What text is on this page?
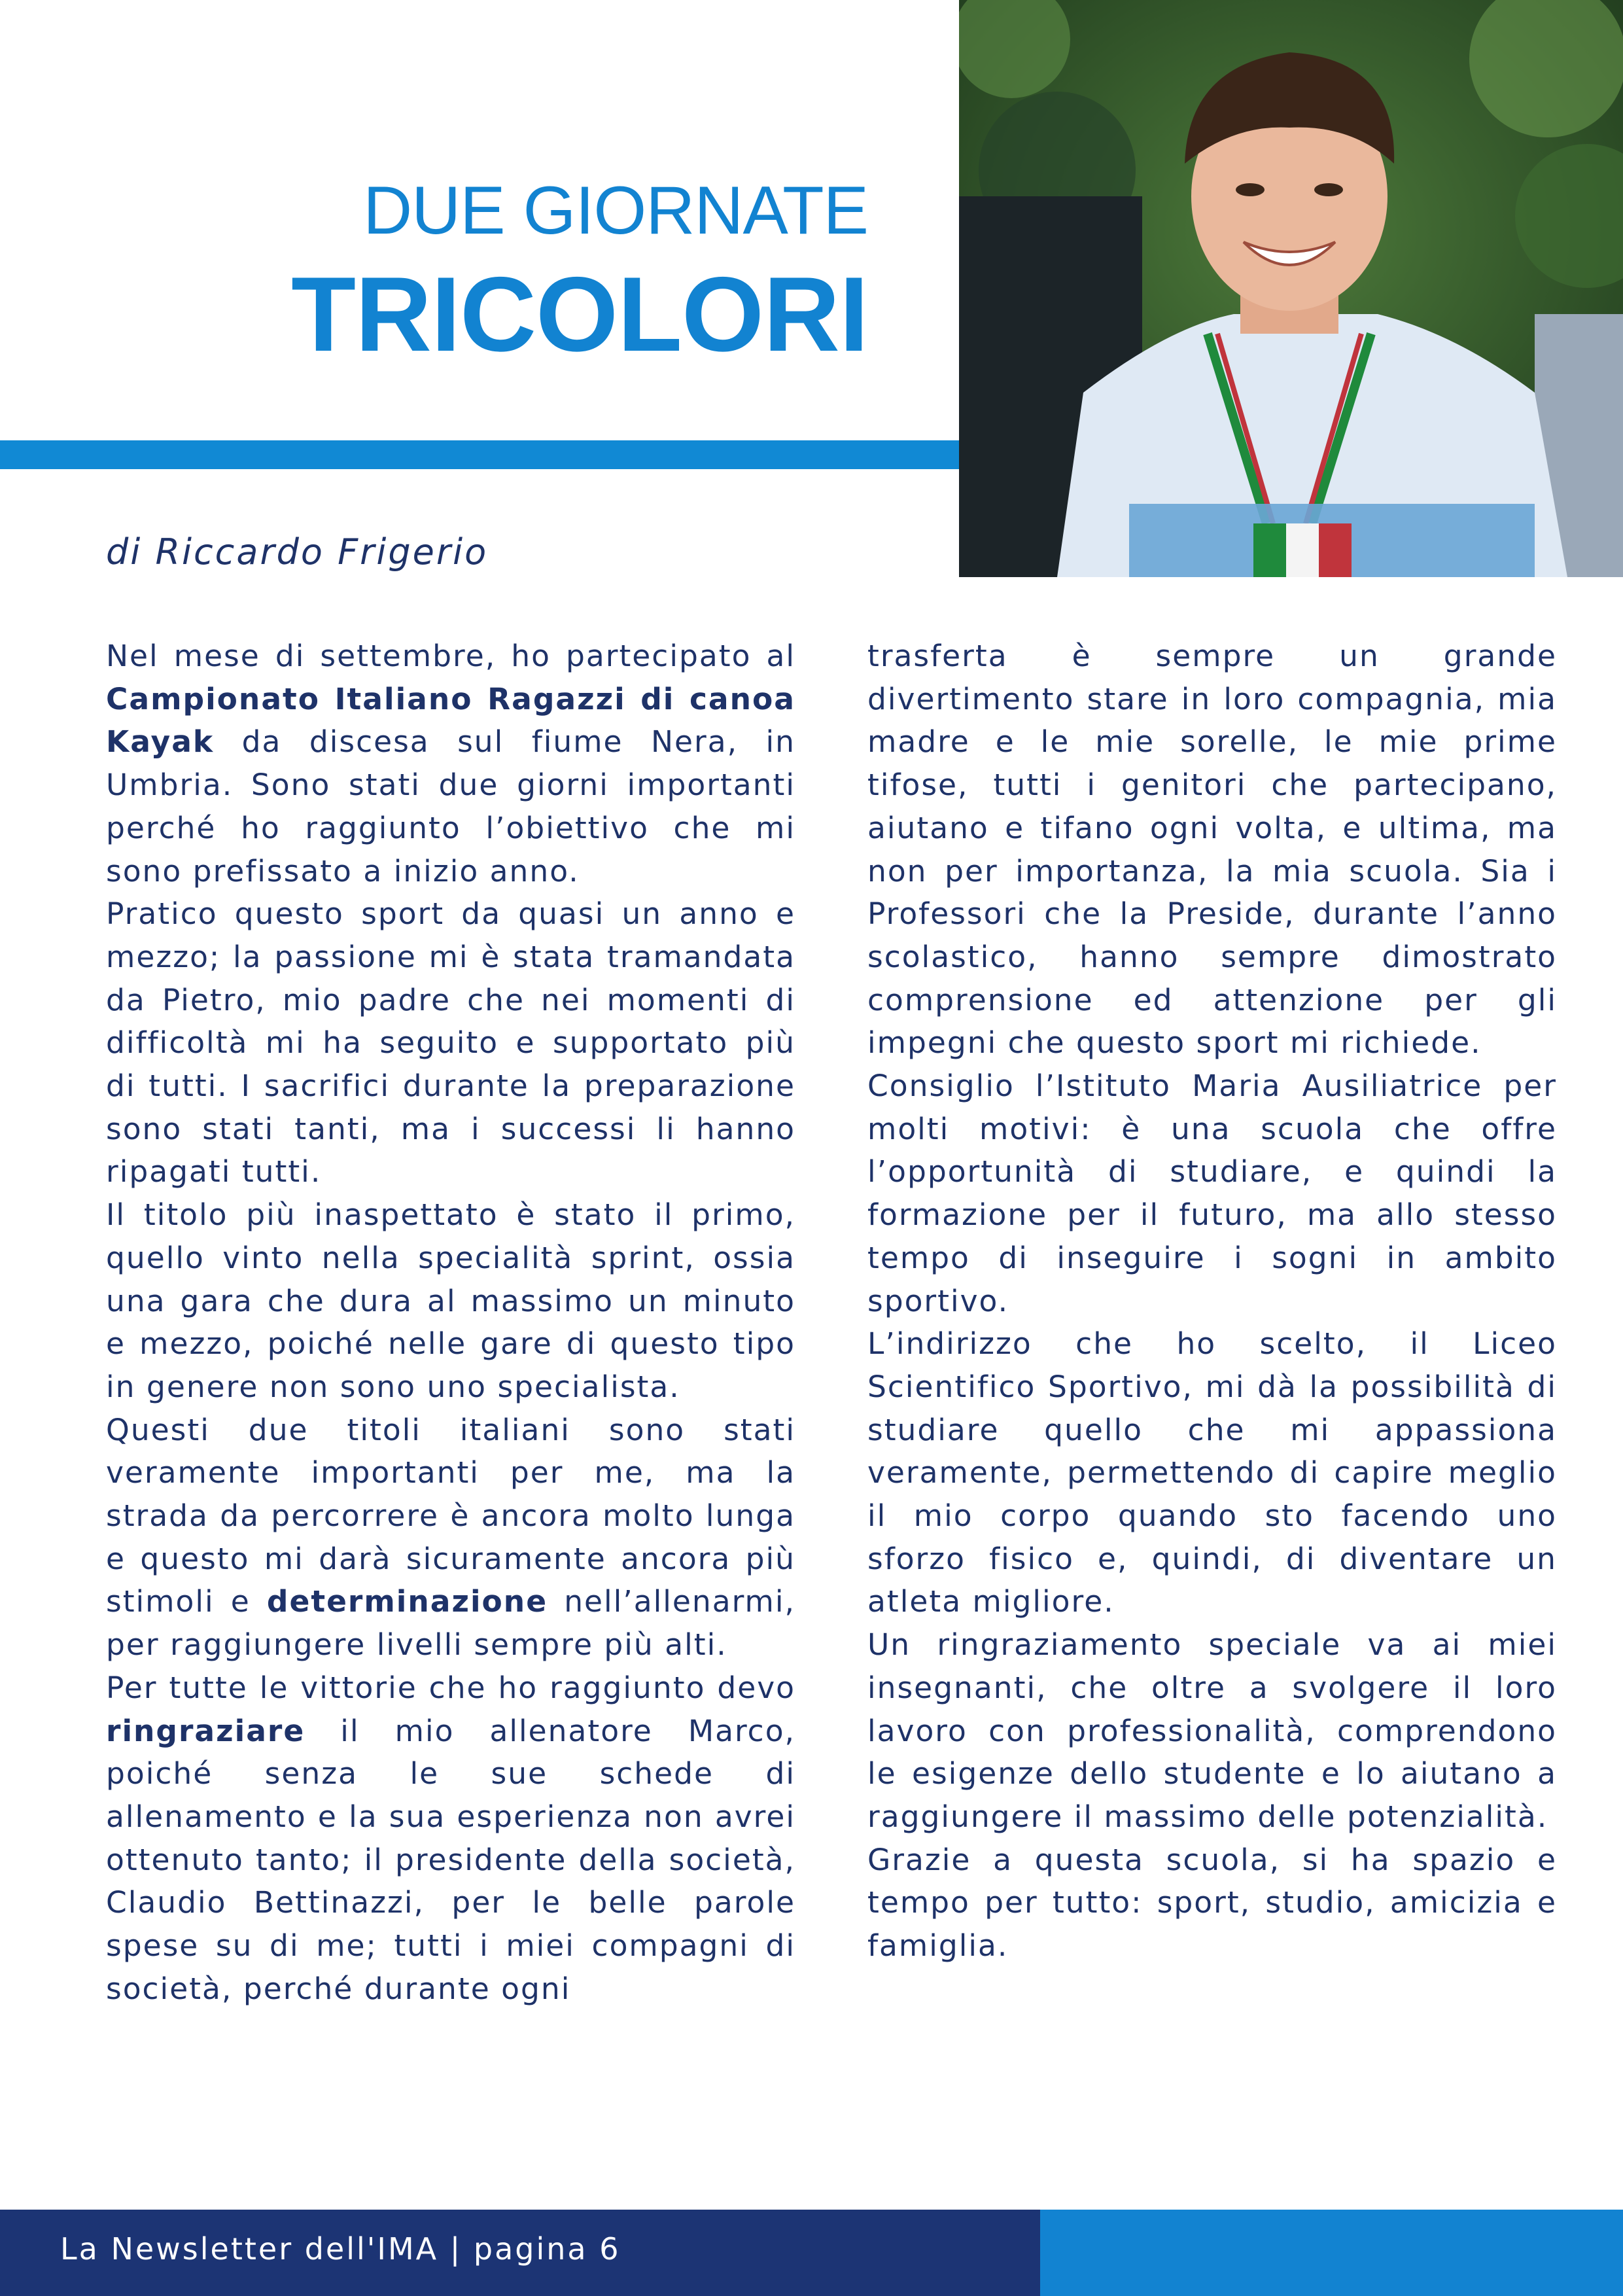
DUE GIORNATE
TRICOLORI
di Riccardo Frigerio

Nel mese di settembre, ho partecipato al Campionato Italiano Ragazzi di canoa Kayak da discesa sul fiume Nera, in Umbria. Sono stati due giorni importanti perché ho raggiunto l’obiettivo che mi sono prefissato a inizio anno.

Pratico questo sport da quasi un anno e mezzo; la passione mi è stata tramandata da Pietro, mio padre che nei momenti di difficoltà mi ha seguito e supportato più di tutti. I sacrifici durante la preparazione sono stati tanti, ma i successi li hanno ripagati tutti.

Il titolo più inaspettato è stato il primo, quello vinto nella specialità sprint, ossia una gara che dura al massimo un minuto e mezzo, poiché nelle gare di questo tipo in genere non sono uno specialista.

Questi due titoli italiani sono stati veramente importanti per me, ma la strada da percorrere è ancora molto lunga e questo mi darà sicuramente ancora più stimoli e determinazione nell’allenarmi, per raggiungere livelli sempre più alti.

Per tutte le vittorie che ho raggiunto devo ringraziare il mio allenatore Marco, poiché senza le sue schede di allenamento e la sua esperienza non avrei ottenuto tanto; il presidente della società, Claudio Bettinazzi, per le belle parole spese su di me; tutti i miei compagni di società, perché durante ogni

trasferta è sempre un grande divertimento stare in loro compagnia, mia madre e le mie sorelle, le mie prime tifose, tutti i genitori che partecipano, aiutano e tifano ogni volta, e ultima, ma non per importanza, la mia scuola. Sia i Professori che la Preside, durante l’anno scolastico, hanno sempre dimostrato comprensione ed attenzione per gli impegni che questo sport mi richiede.

Consiglio l’Istituto Maria Ausiliatrice per molti motivi: è una scuola che offre l’opportunità di studiare, e quindi la formazione per il futuro, ma allo stesso tempo di inseguire i sogni in ambito sportivo.

L’indirizzo che ho scelto, il Liceo Scientifico Sportivo, mi dà la possibilità di studiare quello che mi appassiona veramente, permettendo di capire meglio il mio corpo quando sto facendo uno sforzo fisico e, quindi, di diventare un atleta migliore.

Un ringraziamento speciale va ai miei insegnanti, che oltre a svolgere il loro lavoro con professionalità, comprendono le esigenze dello studente e lo aiutano a raggiungere il massimo delle potenzialità.

Grazie a questa scuola, si ha spazio e tempo per tutto: sport, studio, amicizia e famiglia.

La Newsletter dell'IMA | pagina 6
